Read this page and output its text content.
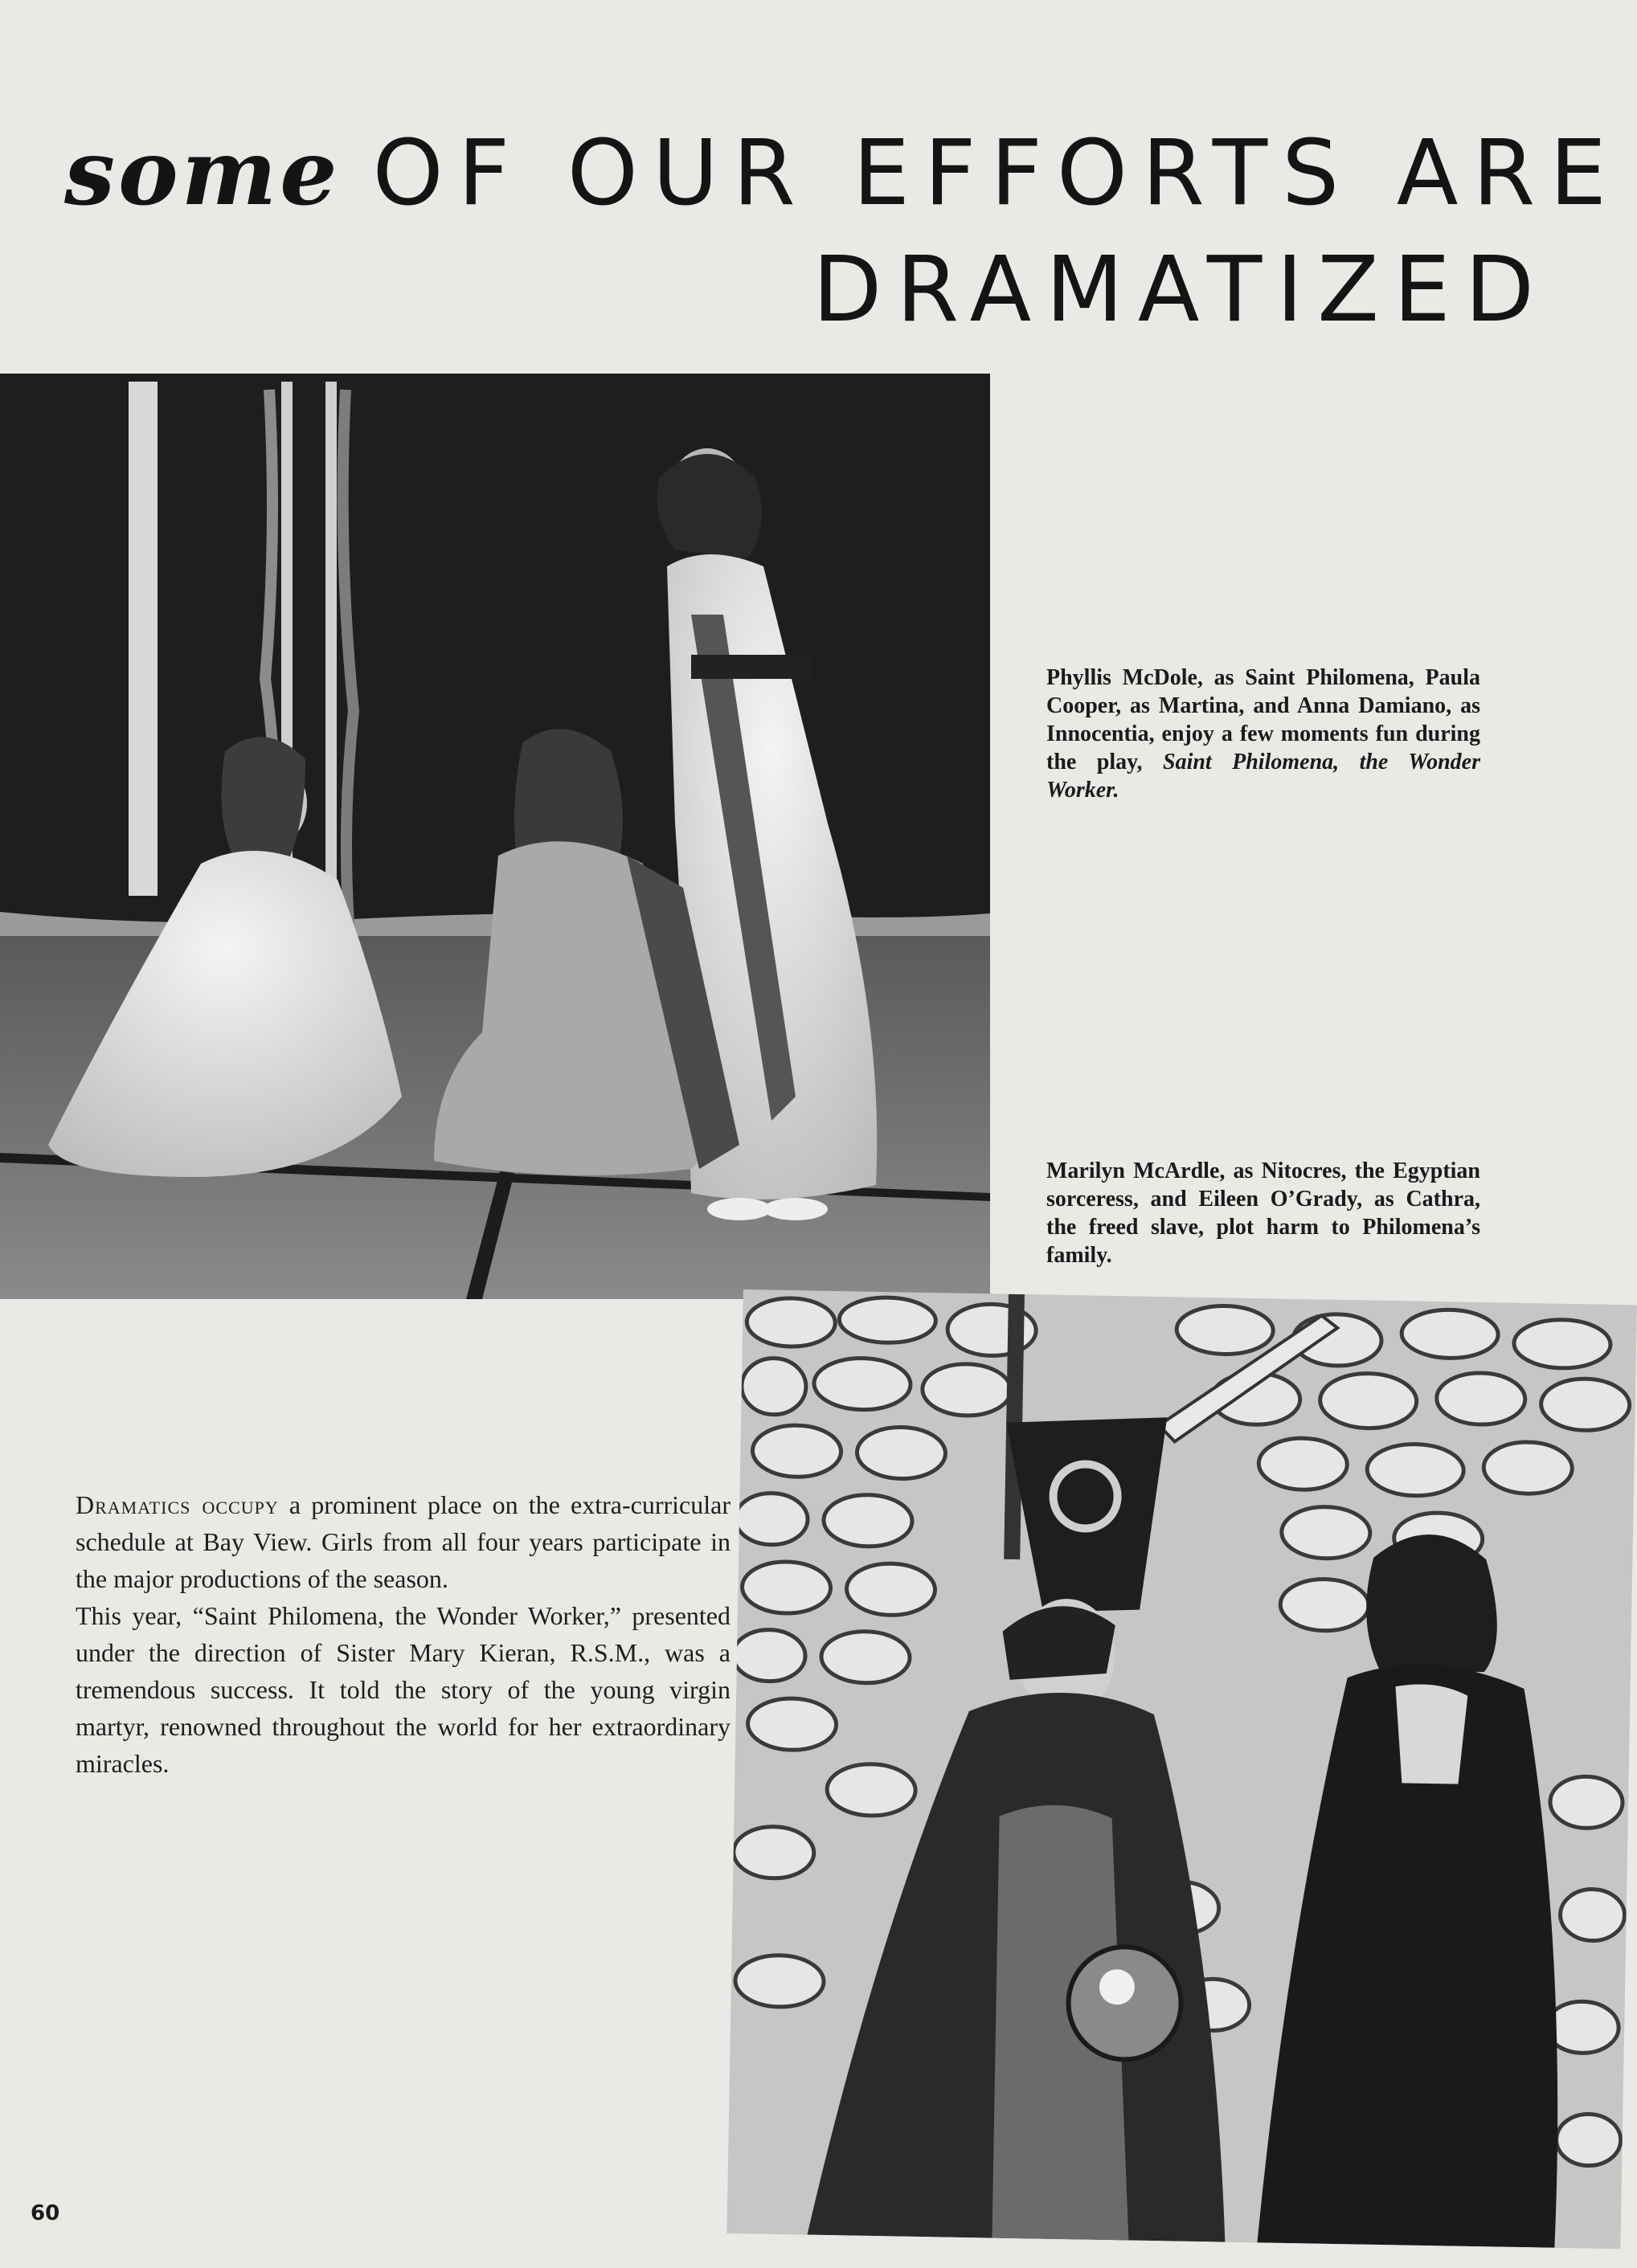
some OF OUR EFFORTS ARE
DRAMATIZED
Phyllis McDole, as Saint Philomena, Paula Cooper, as Martina, and Anna Damiano, as Innocentia, enjoy a few moments fun during the play, Saint Philomena, the Wonder Worker.
Marilyn McArdle, as Nitocres, the Egyptian sorceress, and Eileen O’Grady, as Cathra, the freed slave, plot harm to Philomena’s family.

Dramatics occupy a prominent place on the extra-curricular schedule at Bay View. Girls from all four years participate in the major productions of the season.

This year, “Saint Philomena, the Wonder Worker,” presented under the direction of Sister Mary Kieran, R.S.M., was a tremendous success. It told the story of the young virgin martyr, renowned throughout the world for her extraordinary miracles.

60
